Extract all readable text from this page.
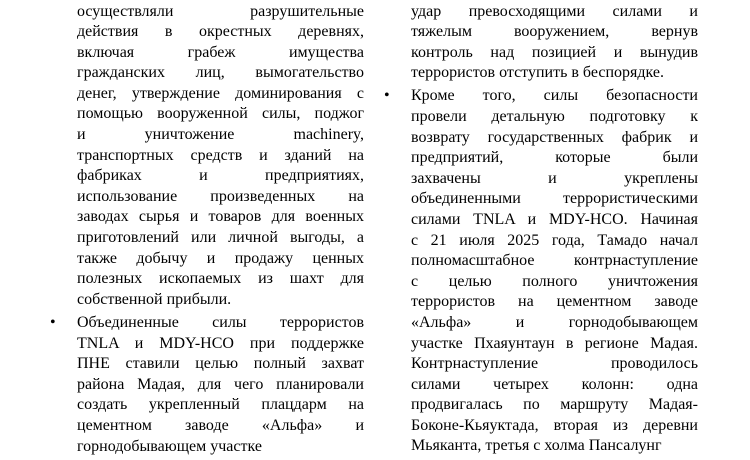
осуществляли разрушительные
действия в окрестных деревнях,
включая грабеж имущества
гражданских лиц, вымогательство
денег, утверждение доминирования с
помощью вооруженной силы, поджог
и уничтожение machinery,
транспортных средств и зданий на
фабриках и предприятиях,
использование произведенных на
заводах сырья и товаров для военных
приготовлений или личной выгоды, а
также добычу и продажу ценных
полезных ископаемых из шахт для
собственной прибыли.
•	Объединенные силы террористов
TNLA и MDY-HCO при поддержке
ПНЕ ставили целью полный захват
района Мадая, для чего планировали
создать укрепленный плацдарм на
цементном заводе «Альфа» и
горнодобывающем участке
удар превосходящими силами и
тяжелым вооружением, вернув
контроль над позицией и вынудив
террористов отступить в беспорядке.
•	Кроме того, силы безопасности
провели детальную подготовку к
возврату государственных фабрик и
предприятий, которые были
захвачены и укреплены
объединенными террористическими
силами TNLA и MDY-HCO. Начиная
с 21 июля 2025 года, Тамадо начал
полномасштабное контрнаступление
с целью полного уничтожения
террористов на цементном заводе
«Альфа» и горнодобывающем
участке Пхаяунтаун в регионе Мадая.
Контрнаступление проводилось
силами четырех колонн: одна
продвигалась по маршруту Мадая-
Боконе-Кьяуктада, вторая из деревни
Мьяканта, третья с холма Пансалунг
